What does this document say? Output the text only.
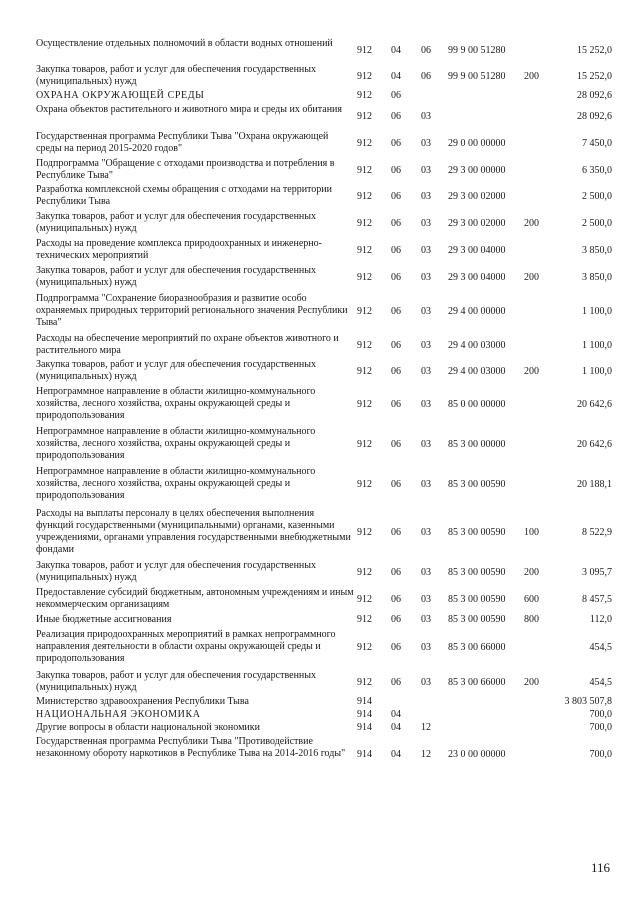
Осуществление отдельных полномочий в области водных отношений
912 04 06 99 9 00 51280	15 252,0
Закупка товаров, работ и услуг для обеспечения государственных (муниципальных) нужд	912 04 06 99 9 00 51280 200	15 252,0
ОХРАНА ОКРУЖАЮЩЕЙ СРЕДЫ	912 06	28 092,6
Охрана объектов растительного и животного мира и среды их обитания
912 06 03	28 092,6
Государственная программа Республики Тыва "Охрана окружающей среды на период 2015-2020 годов"	912 06 03 29 0 00 00000	7 450,0
Подпрограмма "Обращение с отходами производства и потребления в Республике Тыва"	912 06 03 29 3 00 00000	6 350,0
Разработка комплексной схемы обращения с отходами на территории Республики Тыва	912 06 03 29 3 00 02000	2 500,0
Закупка товаров, работ и услуг для обеспечения государственных (муниципальных) нужд	912 06 03 29 3 00 02000 200	2 500,0
Расходы на проведение комплекса природоохранных и инженерно-технических мероприятий	912 06 03 29 3 00 04000	3 850,0
Закупка товаров, работ и услуг для обеспечения государственных (муниципальных) нужд	912 06 03 29 3 00 04000 200	3 850,0
Подпрограмма "Сохранение биоразнообразия и развитие особо охраняемых природных территорий регионального значения Республики Тыва"
912 06 03 29 4 00 00000	1 100,0
Расходы на обеспечение мероприятий по охране объектов животного и растительного мира	912 06 03 29 4 00 03000	1 100,0
Закупка товаров, работ и услуг для обеспечения государственных (муниципальных) нужд	912 06 03 29 4 00 03000 200	1 100,0
Непрограммное направление в области жилищно-коммунального хозяйства, лесного хозяйства, охраны окружающей среды и природопользования
912 06 03 85 0 00 00000	20 642,6
Непрограммное направление в области жилищно-коммунального хозяйства, лесного хозяйства, охраны окружающей среды и природопользования
912 06 03 85 3 00 00000	20 642,6
Непрограммное направление в области жилищно-коммунального хозяйства, лесного хозяйства, охраны окружающей среды и природопользования
912 06 03 85 3 00 00590	20 188,1
Расходы на выплаты персоналу в целях обеспечения выполнения функций государственными (муниципальными) органами, казенными учреждениями, органами управления государственными внебюджетными фондами
912 06 03 85 3 00 00590 100	8 522,9
Закупка товаров, работ и услуг для обеспечения государственных (муниципальных) нужд	912 06 03 85 3 00 00590 200	3 095,7
Предоставление субсидий бюджетным, автономным учреждениям и иным некоммерческим организациям	912 06 03 85 3 00 00590 600	8 457,5
Иные бюджетные ассигнования	912 06 03 85 3 00 00590 800	112,0
Реализация природоохранных мероприятий в рамках непрограммного направления деятельности в области охраны окружающей среды и природопользования
912 06 03 85 3 00 66000	454,5
Закупка товаров, работ и услуг для обеспечения государственных (муниципальных) нужд	912 06 03 85 3 00 66000 200	454,5
Министерство здравоохранения Республики Тыва	914	3 803 507,8
НАЦИОНАЛЬНАЯ ЭКОНОМИКА	914 04	700,0
Другие вопросы в области национальной экономики	914 04 12	700,0
Государственная программа Республики Тыва "Противодействие незаконному обороту наркотиков в Республике Тыва на 2014-2016 годы"	914 04 12 23 0 00 00000	700,0
116
